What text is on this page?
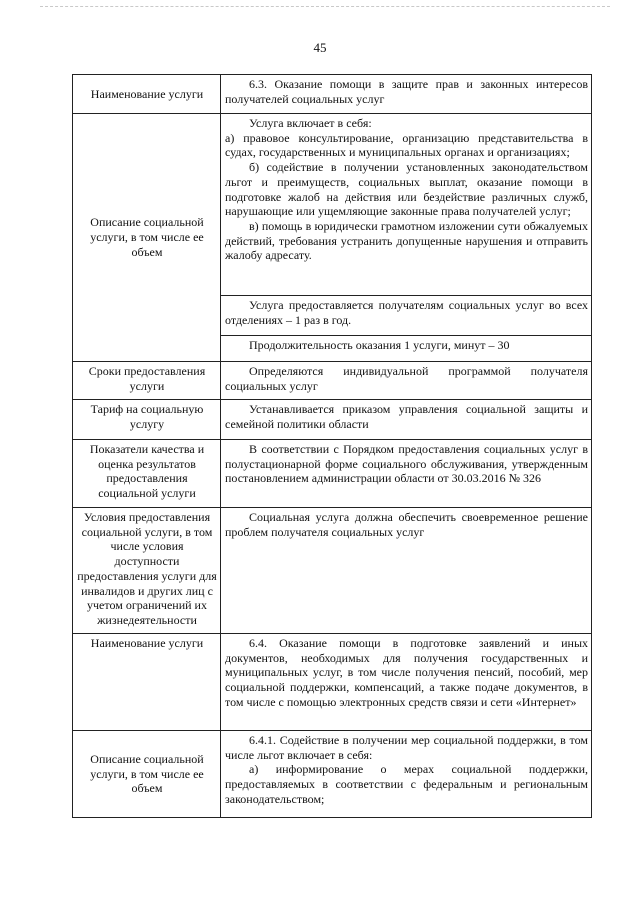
45
Наименование услуги	6.3. Оказание помощи в защите прав и законных интересов получателей социальных услуг

Описание социальной услуги, в том числе ее объем	Услуга включает в себя:

а) правовое консультирование, организацию представительства в судах, государственных и муниципальных органах и организациях;

б) содействие в получении установленных законодательством льгот и преимуществ, социальных выплат, оказание помощи в подготовке жалоб на действия или бездействие различных служб, нарушающие или ущемляющие законные права получателей услуг;

в) помощь в юридически грамотном изложении сути обжалуемых действий, требования устранить допущенные нарушения и отправить жалобу адресату.

	Услуга предоставляется получателям социальных услуг во всех отделениях – 1 раз в год.

	Продолжительность оказания 1 услуги, минут – 30

Сроки предоставления услуги	Определяются индивидуальной программой получателя социальных услуг

Тариф на социальную услугу	Устанавливается приказом управления социальной защиты и семейной политики области

Показатели качества и оценка результатов предоставления социальной услуги	В соответствии с Порядком предоставления социальных услуг в полустационарной форме социального обслуживания, утвержденным постановлением администрации области от 30.03.2016 № 326

Условия предоставления социальной услуги, в том числе условия доступности предоставления услуги для инвалидов и других лиц с учетом ограничений их жизнедеятельности	Социальная услуга должна обеспечить своевременное решение проблем получателя социальных услуг

Наименование услуги	6.4. Оказание помощи в подготовке заявлений и иных документов, необходимых для получения государственных и муниципальных услуг, в том числе получения пенсий, пособий, мер социальной поддержки, компенсаций, а также подаче документов, в том числе с помощью электронных средств связи и сети «Интернет»

Описание социальной услуги, в том числе ее объем	6.4.1. Содействие в получении мер социальной поддержки, в том числе льгот включает в себя:

а) информирование о мерах социальной поддержки, предоставляемых в соответствии с федеральным и региональным законодательством;
